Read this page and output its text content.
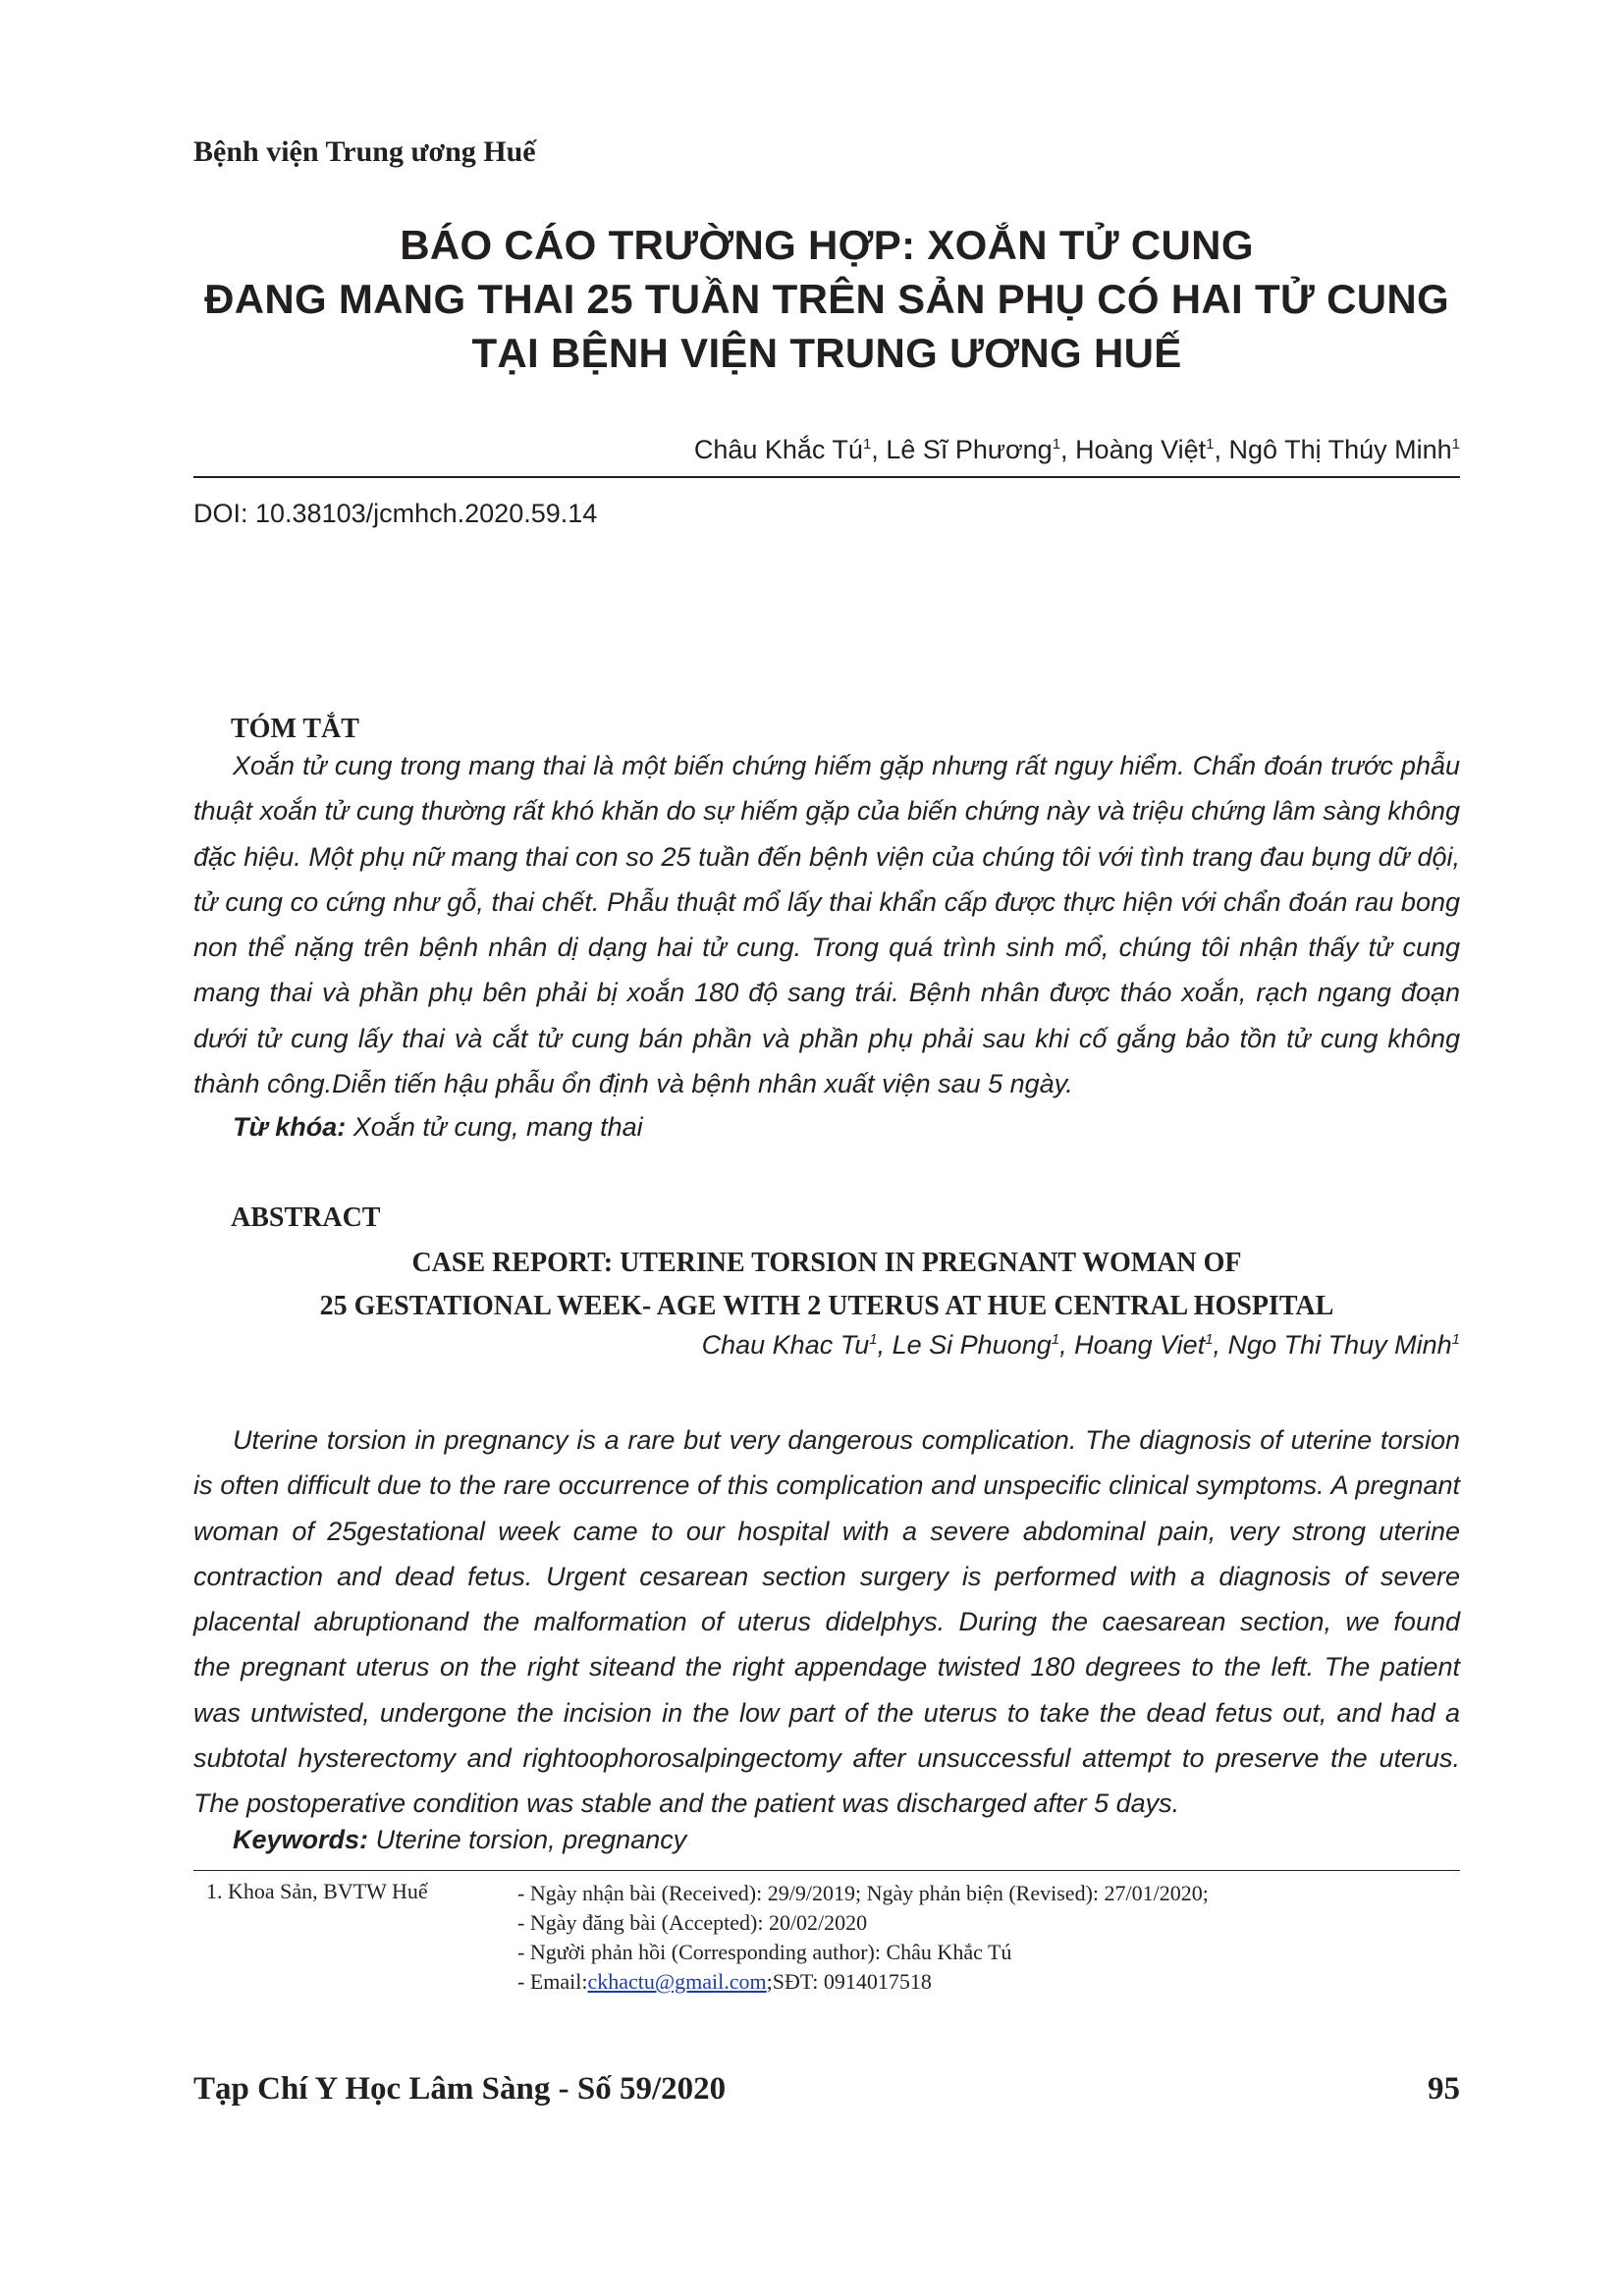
Bệnh viện Trung ương Huế
BÁO CÁO TRƯỜNG HỢP: XOẮN TỬ CUNG
ĐANG MANG THAI 25 TUẦN TRÊN SẢN PHỤ CÓ HAI TỬ CUNG
TẠI BỆNH VIỆN TRUNG ƯƠNG HUẾ
Châu Khắc $Tú^1$, Lê Sĩ Phương$^1$, Hoàng Việt$^1$, Ngô Thị Thúy Minh$^1$
DOI: 10.38103/jcmhch.2020.59.14
TÓM TẮT
Xoắn tử cung trong mang thai là một biến chứng hiếm gặp nhưng rất nguy hiểm. Chẩn đoán trước phẫu
thuật xoắn tử cung thường rất khó khăn do sự hiếm gặp của biến chứng này và triệu chứng lâm sàng không
đặc hiệu. Một phụ nữ mang thai con so 25 tuần đến bệnh viện của chúng tôi với tình trang đau bụng dữ dội,
tử cung co cứng như gỗ, thai chết. Phẫu thuật mổ lấy thai khẩn cấp được thực hiện với chẩn đoán rau bong
non thể nặng trên bệnh nhân dị dạng hai tử cung. Trong quá trình sinh mổ, chúng tôi nhận thấy tử cung
mang thai và phần phụ bên phải bị xoắn 180 độ sang trái. Bệnh nhân được tháo xoắn, rạch ngang đoạn
dưới tử cung lấy thai và cắt tử cung bán phần và phần phụ phải sau khi cố gắng bảo tồn tử cung không
thành công.Diễn tiến hậu phẫu ổn định và bệnh nhân xuất viện sau 5 ngày.
Từ khóa: Xoắn tử cung, mang thai
ABSTRACT
CASE REPORT: UTERINE TORSION IN PREGNANT WOMAN OF
25 GESTATIONAL WEEK- AGE WITH 2 UTERUS AT HUE CENTRAL HOSPITAL
Chau Khac Tu$^1$, Le Si Phuong$^1$, Hoang Viet$^1$, Ngo Thi Thuy Minh$^1$
Uterine torsion in pregnancy is a rare but very dangerous complication. The diagnosis of uterine torsion
is often difficult due to the rare occurrence of this complication and unspecific clinical symptoms. A pregnant
woman of 25gestational week came to our hospital with a severe abdominal pain, very strong uterine
contraction and dead fetus. Urgent cesarean section surgery is performed with a diagnosis of severe
placental abruptionand the malformation of uterus didelphys. During the caesarean section, we found
the pregnant uterus on the right siteand the right appendage twisted 180 degrees to the left. The patient
was untwisted, undergone the incision in the low part of the uterus to take the dead fetus out, and had a
subtotal hysterectomy and rightoophorosalpingectomy after unsuccessful attempt to preserve the uterus.
The postoperative condition was stable and the patient was discharged after 5 days.
Keywords: Uterine torsion, pregnancy
1. Khoa Sản, BVTW Huế	- Ngày nhận bài (Received): 29/9/2019; Ngày phản biện (Revised): 27/01/2020;
- Ngày đăng bài (Accepted): 20/02/2020
- Người phản hồi (Corresponding author): Châu Khắc Tú
- Email:ckhactu@gmail.com;SĐT: 0914017518
Tạp Chí Y Học Lâm Sàng - Số 59/2020	95
